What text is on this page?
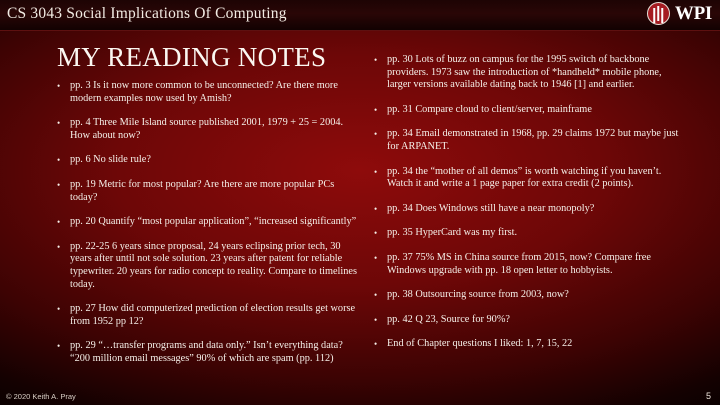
CS 3043 Social Implications Of Computing	WPI
MY READING NOTES
• pp. 3 Is it now more common to be unconnected? Are there more modern examples now used by Amish?
• pp. 4 Three Mile Island source published 2001, 1979 + 25 = 2004. How about now?
• pp. 6 No slide rule?
• pp. 19 Metric for most popular? Are there are more popular PCs today?
• pp. 20 Quantify “most popular application”, “increased significantly”
• pp. 22-25 6 years since proposal, 24 years eclipsing prior tech, 30 years after until not sole solution. 23 years after patent for reliable typewriter. 20 years for radio concept to reality. Compare to timelines today.
• pp. 27 How did computerized prediction of election results get worse from 1952 pp 12?
• pp. 29 “…transfer programs and data only.” Isn’t everything data? “200 million email messages” 90% of which are spam (pp. 112)
• pp. 30 Lots of buzz on campus for the 1995 switch of backbone providers. 1973 saw the introduction of *handheld* mobile phone, larger versions available dating back to 1946 [1] and earlier.
• pp. 31 Compare cloud to client/server, mainframe
• pp. 34 Email demonstrated in 1968, pp. 29 claims 1972 but maybe just for ARPANET.
• pp. 34 the “mother of all demos” is worth watching if you haven’t. Watch it and write a 1 page paper for extra credit (2 points).
• pp. 34 Does Windows still have a near monopoly?
• pp. 35 HyperCard was my first.
• pp. 37 75% MS in China source from 2015, now? Compare free Windows upgrade with pp. 18 open letter to hobbyists.
• pp. 38 Outsourcing source from 2003, now?
• pp. 42 Q 23, Source for 90%?
• End of Chapter questions I liked: 1, 7, 15, 22
© 2020 Keith A. Pray	5
